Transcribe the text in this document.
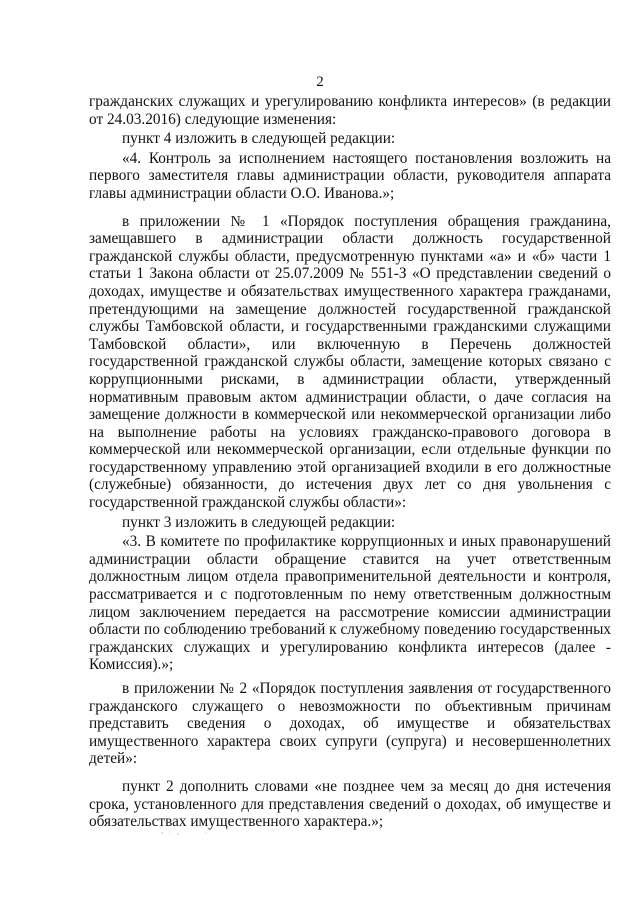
2

гражданских служащих и урегулированию конфликта интересов» (в редакции от 24.03.2016) следующие изменения:

пункт 4 изложить в следующей редакции:

«4. Контроль за исполнением настоящего постановления возложить на первого заместителя главы администрации области, руководителя аппарата главы администрации области О.О. Иванова.»;

в приложении № 1 «Порядок поступления обращения гражданина, замещавшего в администрации области должность государственной гражданской службы области, предусмотренную пунктами «а» и «б» части 1 статьи 1 Закона области от 25.07.2009 № 551-З «О представлении сведений о доходах, имуществе и обязательствах имущественного характера гражданами, претендующими на замещение должностей государственной гражданской службы Тамбовской области, и государственными гражданскими служащими Тамбовской области», или включенную в Перечень должностей государственной гражданской службы области, замещение которых связано с коррупционными рисками, в администрации области, утвержденный нормативным правовым актом администрации области, о даче согласия на замещение должности в коммерческой или некоммерческой организации либо на выполнение работы на условиях гражданско-правового договора в коммерческой или некоммерческой организации, если отдельные функции по государственному управлению этой организацией входили в его должностные (служебные) обязанности, до истечения двух лет со дня увольнения с государственной гражданской службы области»:

пункт 3 изложить в следующей редакции:

«3. В комитете по профилактике коррупционных и иных правонарушений администрации области обращение ставится на учет ответственным должностным лицом отдела правоприменительной деятельности и контроля, рассматривается и с подготовленным по нему ответственным должностным лицом заключением передается на рассмотрение комиссии администрации области по соблюдению требований к служебному поведению государственных гражданских служащих и урегулированию конфликта интересов (далее - Комиссия).»;

в приложении № 2 «Порядок поступления заявления от государственного гражданского служащего о невозможности по объективным причинам представить сведения о доходах, об имуществе и обязательствах имущественного характера своих супруги (супруга) и несовершеннолетних детей»:

пункт 2 дополнить словами «не позднее чем за месяц до дня истечения срока, установленного для представления сведений о доходах, об имуществе и обязательствах имущественного характера.»;
